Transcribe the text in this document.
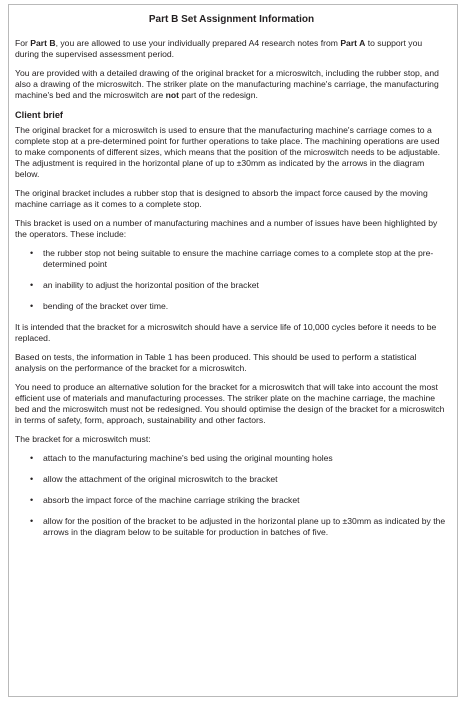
Part B Set Assignment Information

For Part B, you are allowed to use your individually prepared A4 research notes from Part A to support you during the supervised assessment period.

You are provided with a detailed drawing of the original bracket for a microswitch, including the rubber stop, and also a drawing of the microswitch. The striker plate on the manufacturing machine's carriage, the manufacturing machine's bed and the microswitch are not part of the redesign.

Client brief

The original bracket for a microswitch is used to ensure that the manufacturing machine's carriage comes to a complete stop at a pre-determined point for further operations to take place. The machining operations are used to make components of different sizes, which means that the position of the microswitch needs to be adjustable. The adjustment is required in the horizontal plane of up to ±30mm as indicated by the arrows in the diagram below.

The original bracket includes a rubber stop that is designed to absorb the impact force caused by the moving machine carriage as it comes to a complete stop.

This bracket is used on a number of manufacturing machines and a number of issues have been highlighted by the operators. These include:

• the rubber stop not being suitable to ensure the machine carriage comes to a complete stop at the pre-determined point
• an inability to adjust the horizontal position of the bracket
• bending of the bracket over time.

It is intended that the bracket for a microswitch should have a service life of 10,000 cycles before it needs to be replaced.

Based on tests, the information in Table 1 has been produced. This should be used to perform a statistical analysis on the performance of the bracket for a microswitch.

You need to produce an alternative solution for the bracket for a microswitch that will take into account the most efficient use of materials and manufacturing processes. The striker plate on the machine carriage, the machine bed and the microswitch must not be redesigned. You should optimise the design of the bracket for a microswitch in terms of safety, form, approach, sustainability and other factors.

The bracket for a microswitch must:

• attach to the manufacturing machine's bed using the original mounting holes
• allow the attachment of the original microswitch to the bracket
• absorb the impact force of the machine carriage striking the bracket
• allow for the position of the bracket to be adjusted in the horizontal plane up to ±30mm as indicated by the arrows in the diagram below to be suitable for production in batches of five.
